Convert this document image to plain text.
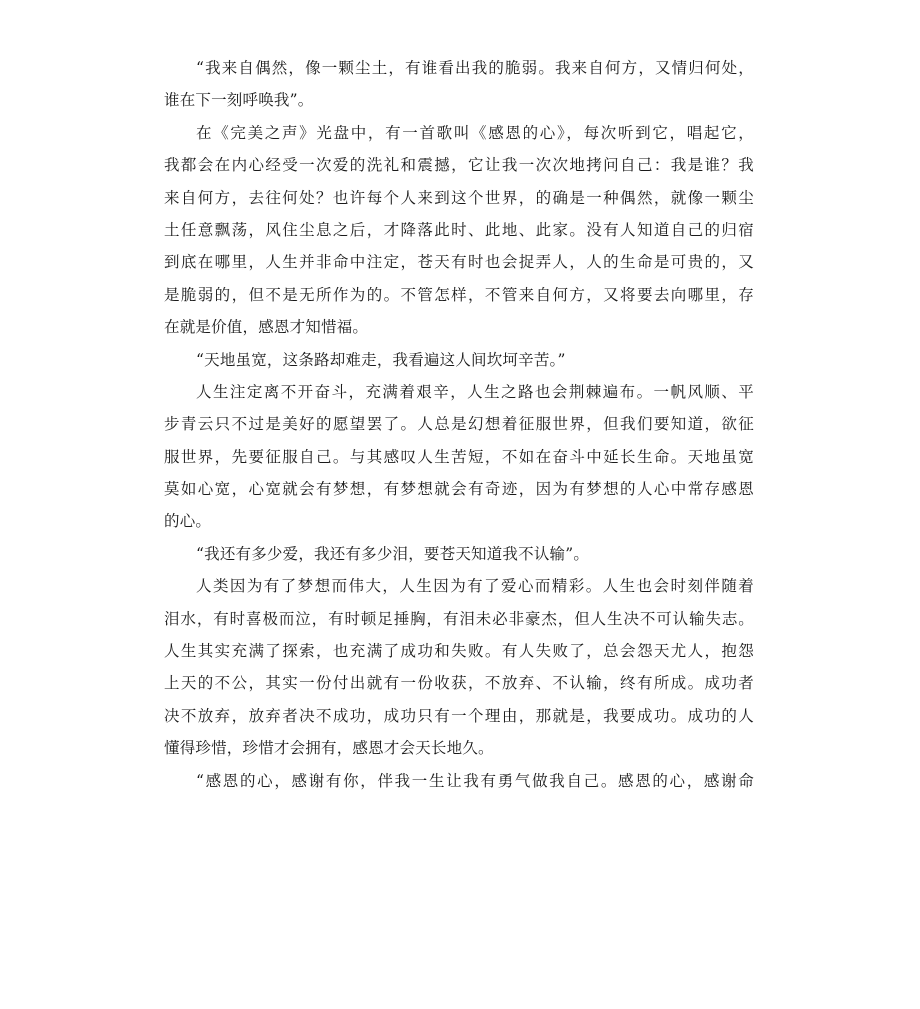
“我来自偶然，像一颗尘土，有谁看出我的脆弱。我来自何方，又情归何处，
谁在下一刻呼唤我”。
在《完美之声》光盘中，有一首歌叫《感恩的心》，每次听到它，唱起它，
我都会在内心经受一次爱的洗礼和震撼，它让我一次次地拷问自己：我是谁？我
来自何方，去往何处？也许每个人来到这个世界，的确是一种偶然，就像一颗尘
土任意飘荡，风住尘息之后，才降落此时、此地、此家。没有人知道自己的归宿
到底在哪里，人生并非命中注定，苍天有时也会捉弄人，人的生命是可贵的，又
是脆弱的，但不是无所作为的。不管怎样，不管来自何方，又将要去向哪里，存
在就是价值，感恩才知惜福。
“天地虽宽，这条路却难走，我看遍这人间坎坷辛苦。”
人生注定离不开奋斗，充满着艰辛，人生之路也会荆棘遍布。一帆风顺、平
步青云只不过是美好的愿望罢了。人总是幻想着征服世界，但我们要知道，欲征
服世界，先要征服自己。与其感叹人生苦短，不如在奋斗中延长生命。天地虽宽
莫如心宽，心宽就会有梦想，有梦想就会有奇迹，因为有梦想的人心中常存感恩
的心。
“我还有多少爱，我还有多少泪，要苍天知道我不认输”。
人类因为有了梦想而伟大，人生因为有了爱心而精彩。人生也会时刻伴随着
泪水，有时喜极而泣，有时顿足捶胸，有泪未必非豪杰，但人生决不可认输失志。
人生其实充满了探索，也充满了成功和失败。有人失败了，总会怨天尤人，抱怨
上天的不公，其实一份付出就有一份收获，不放弃、不认输，终有所成。成功者
决不放弃，放弃者决不成功，成功只有一个理由，那就是，我要成功。成功的人
懂得珍惜，珍惜才会拥有，感恩才会天长地久。
“感恩的心，感谢有你，伴我一生让我有勇气做我自己。感恩的心，感谢命
